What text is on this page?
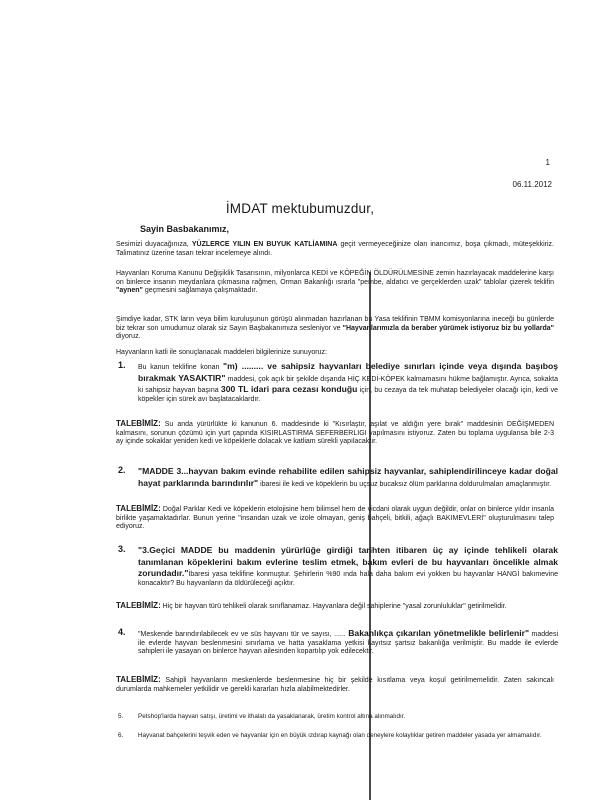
1
06.11.2012
İMDAT mektubumuzdur,
Sayin Basbakanımız,
Sesimizi duyacağınıza, YÜZLERCE YILIN EN BUYUK KATLİAMINA geçit vermeyeceğinize olan inancımız, boşa çıkmadı, müteşekkiriz. Talimatınız üzerine tasarı tekrar incelemeye alındı.
Hayvanları Koruma Kanunu Değişiklik Tasarısının, milyonlarca KEDİ ve KÖPEĞİN ÖLDÜRÜLMESİNE zemin hazırlayacak maddelerine karşı on binlerce insanın meydanlara çıkmasına rağmen, Orman Bakanlığı ısrarla "pembe, aldatıcı ve gerçeklerden uzak" tablolar çizerek teklifin "aynen" geçmesini sağlamaya çalışmaktadır.
Şimdiye kadar, STK ların veya bilim kuruluşunun görüşü alınmadan hazırlanan bu Yasa teklifinin TBMM komisyonlarına ineceği bu günlerde biz tekrar son umudumuz olarak siz Sayın Başbakanımıza sesleniyor ve "Hayvanlarımızla da beraber yürümek istiyoruz biz bu yollarda" diyoruz.
Hayvanların katli ile sonuçlanacak maddeleri bilgilerinize sunuyoruz:
1. Bu kanun teklifine konan "m) ......... ve sahipsiz hayvanları belediye sınırları içinde veya dışında başıboş bırakmak YASAKTIR" maddesi, çok açık bir şekilde dışarıda HİÇ KEDİ-KÖPEK kalmamasını hükme bağlamıştır. Ayrıca, sokakta ki sahipsiz hayvan başına 300 TL idari para cezası konduğu için, bu cezaya da tek muhatap belediyeler olacağı için, kedi ve köpekler için sürek avı başlatacaklardır.
TALEBİMİZ: Su anda yürürlükte ki kanunun 6. maddesinde ki "Kısırlaştır, aşılat ve aldığın yere bırak" maddesinin DEĞİŞMEDEN kalmasını, sorunun çözümü için yurt çapında KISIRLASTIRMA SEFERBERLIGI yapılmasını istiyoruz. Zaten bu toplama uygulansa bile 2-3 ay içinde sokaklar yeniden kedi ve köpeklerle dolacak ve katliam sürekli yapılacaktır.
2. "MADDE 3...hayvan bakım evinde rehabilite edilen sahipsiz hayvanlar, sahiplendirilinceye kadar doğal hayat parklarında barındırılır" ibaresi ile kedi ve köpeklerin bu uçsuz bucaksız ölüm parklarına doldurulmaları amaçlanmıştır.
TALEBİMİZ: Doğal Parklar Kedi ve köpeklerin etolojisine hem bilimsel hem de vicdani olarak uygun değildir, onlar on binlerce yıldır insanla birlikte yaşamaktadırlar. Bunun yerine "insandan uzak ve izole olmayan, geniş bahçeli, bitkili, ağaçlı BAKIMEVLERİ" oluşturulmasını talep ediyoruz.
3. "3.Geçici MADDE bu maddenin yürürlüğe girdiği tarihten itibaren üç ay içinde tehlikeli olarak tanımlanan köpeklerini bakım evlerine teslim etmek, bakım evleri de bu hayvanları öncelikle almak zorundadır."İbaresi yasa teklifine konmuştur. Şehirlerin %90 ında hala daha bakım evi yokken bu hayvanlar HANGİ bakımevine konacaktır? Bu hayvanların da öldürüleceği açıktır.
TALEBİMİZ: Hiç bir hayvan türü tehlikeli olarak sınıflanamaz. Hayvanlara değil sahiplerine "yasal zorunluluklar" getirilmelidir.
4. "Meskende barındırılabilecek ev ve süs hayvanı tür ve sayısı, ...... Bakanlıkça çıkarılan yönetmelikle belirlenir" maddesi ile evlerde hayvan beslenmesini sınırlama ve hatta yasaklama yetkisi kayıtsız şartsız bakanlığa verilmiştir. Bu madde ile evlerde sahipleri ile yasayan on binlerce hayvan ailesinden kopartılıp yok edilecektir.
TALEBİMİZ: Sahipli hayvanların meskenlerde beslenmesine hiç bir şekilde kısıtlama veya koşul getirilmemelidir. Zaten sakıncalı durumlarda mahkemeler yetkilidir ve gerekli kararları hızla alabilmektedirler.
5. Petshop'larda hayvan satışı, üretimi ve ithalatı da yasaklanarak, üretim kontrol altına alınmalıdır.
6. Hayvanat bahçelerini teşvik eden ve hayvanlar için en büyük ızdırap kaynağı olan deneylere kolaylıklar getiren maddeler yasada yer almamalıdır.
